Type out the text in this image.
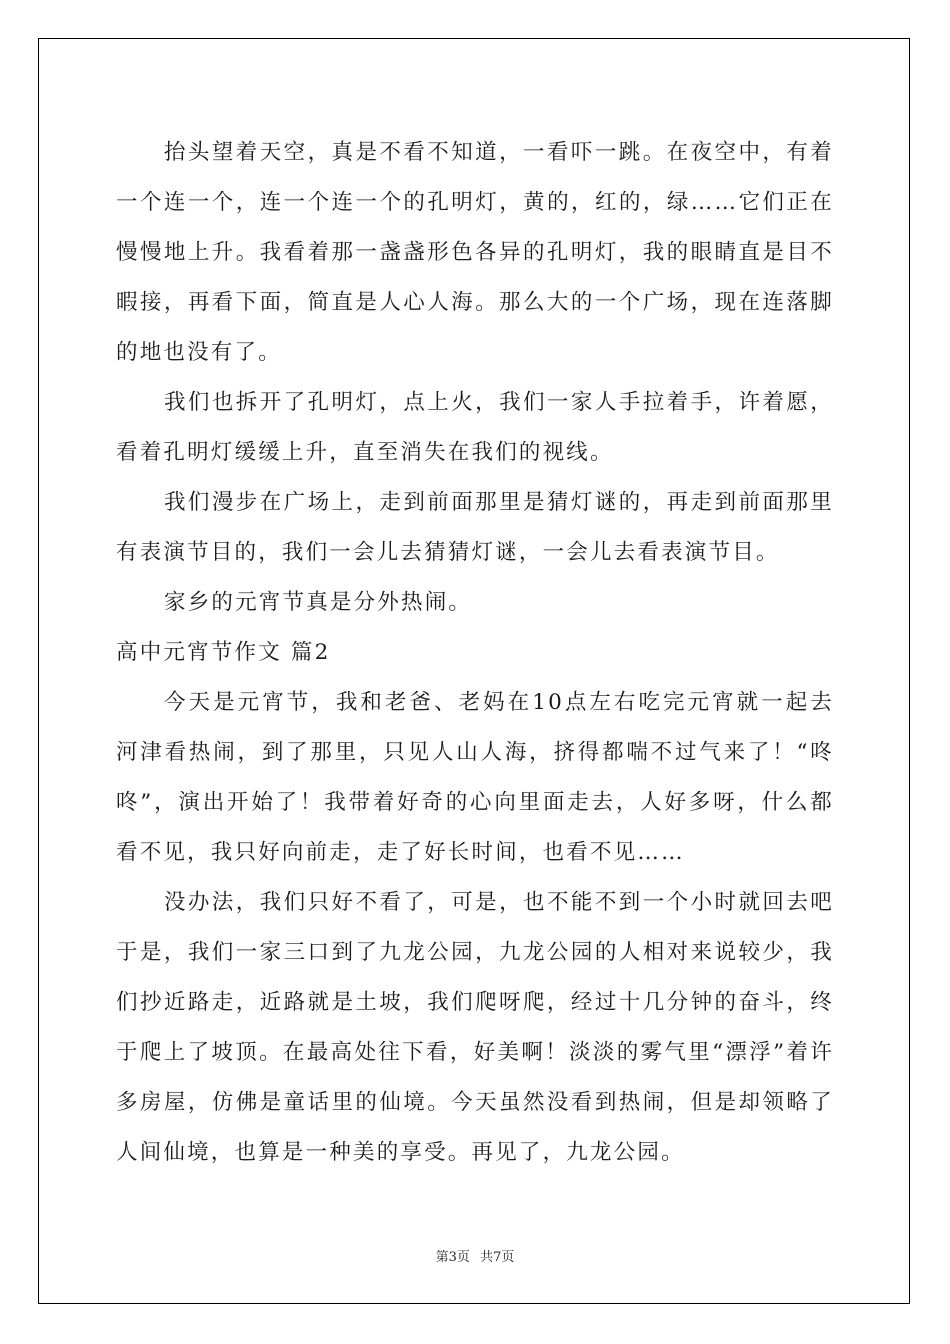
抬头望着天空，真是不看不知道，一看吓一跳。在夜空中，有着一个连一个，连一个连一个的孔明灯，黄的，红的，绿……它们正在慢慢地上升。我看着那一盏盏形色各异的孔明灯，我的眼睛直是目不暇接，再看下面，简直是人心人海。那么大的一个广场，现在连落脚的地也没有了。

我们也拆开了孔明灯，点上火，我们一家人手拉着手，许着愿，看着孔明灯缓缓上升，直至消失在我们的视线。

我们漫步在广场上，走到前面那里是猜灯谜的，再走到前面那里有表演节目的，我们一会儿去猜猜灯谜，一会儿去看表演节目。

家乡的元宵节真是分外热闹。

高中元宵节作文 篇2

今天是元宵节，我和老爸、老妈在10点左右吃完元宵就一起去河津看热闹，到了那里，只见人山人海，挤得都喘不过气来了！“咚咚”，演出开始了！我带着好奇的心向里面走去，人好多呀，什么都看不见，我只好向前走，走了好长时间，也看不见……

没办法，我们只好不看了，可是，也不能不到一个小时就回去吧于是，我们一家三口到了九龙公园，九龙公园的人相对来说较少，我们抄近路走，近路就是土坡，我们爬呀爬，经过十几分钟的奋斗，终于爬上了坡顶。在最高处往下看，好美啊！淡淡的雾气里“漂浮”着许多房屋，仿佛是童话里的仙境。今天虽然没看到热闹，但是却领略了人间仙境，也算是一种美的享受。再见了，九龙公园。

第3页 共7页
